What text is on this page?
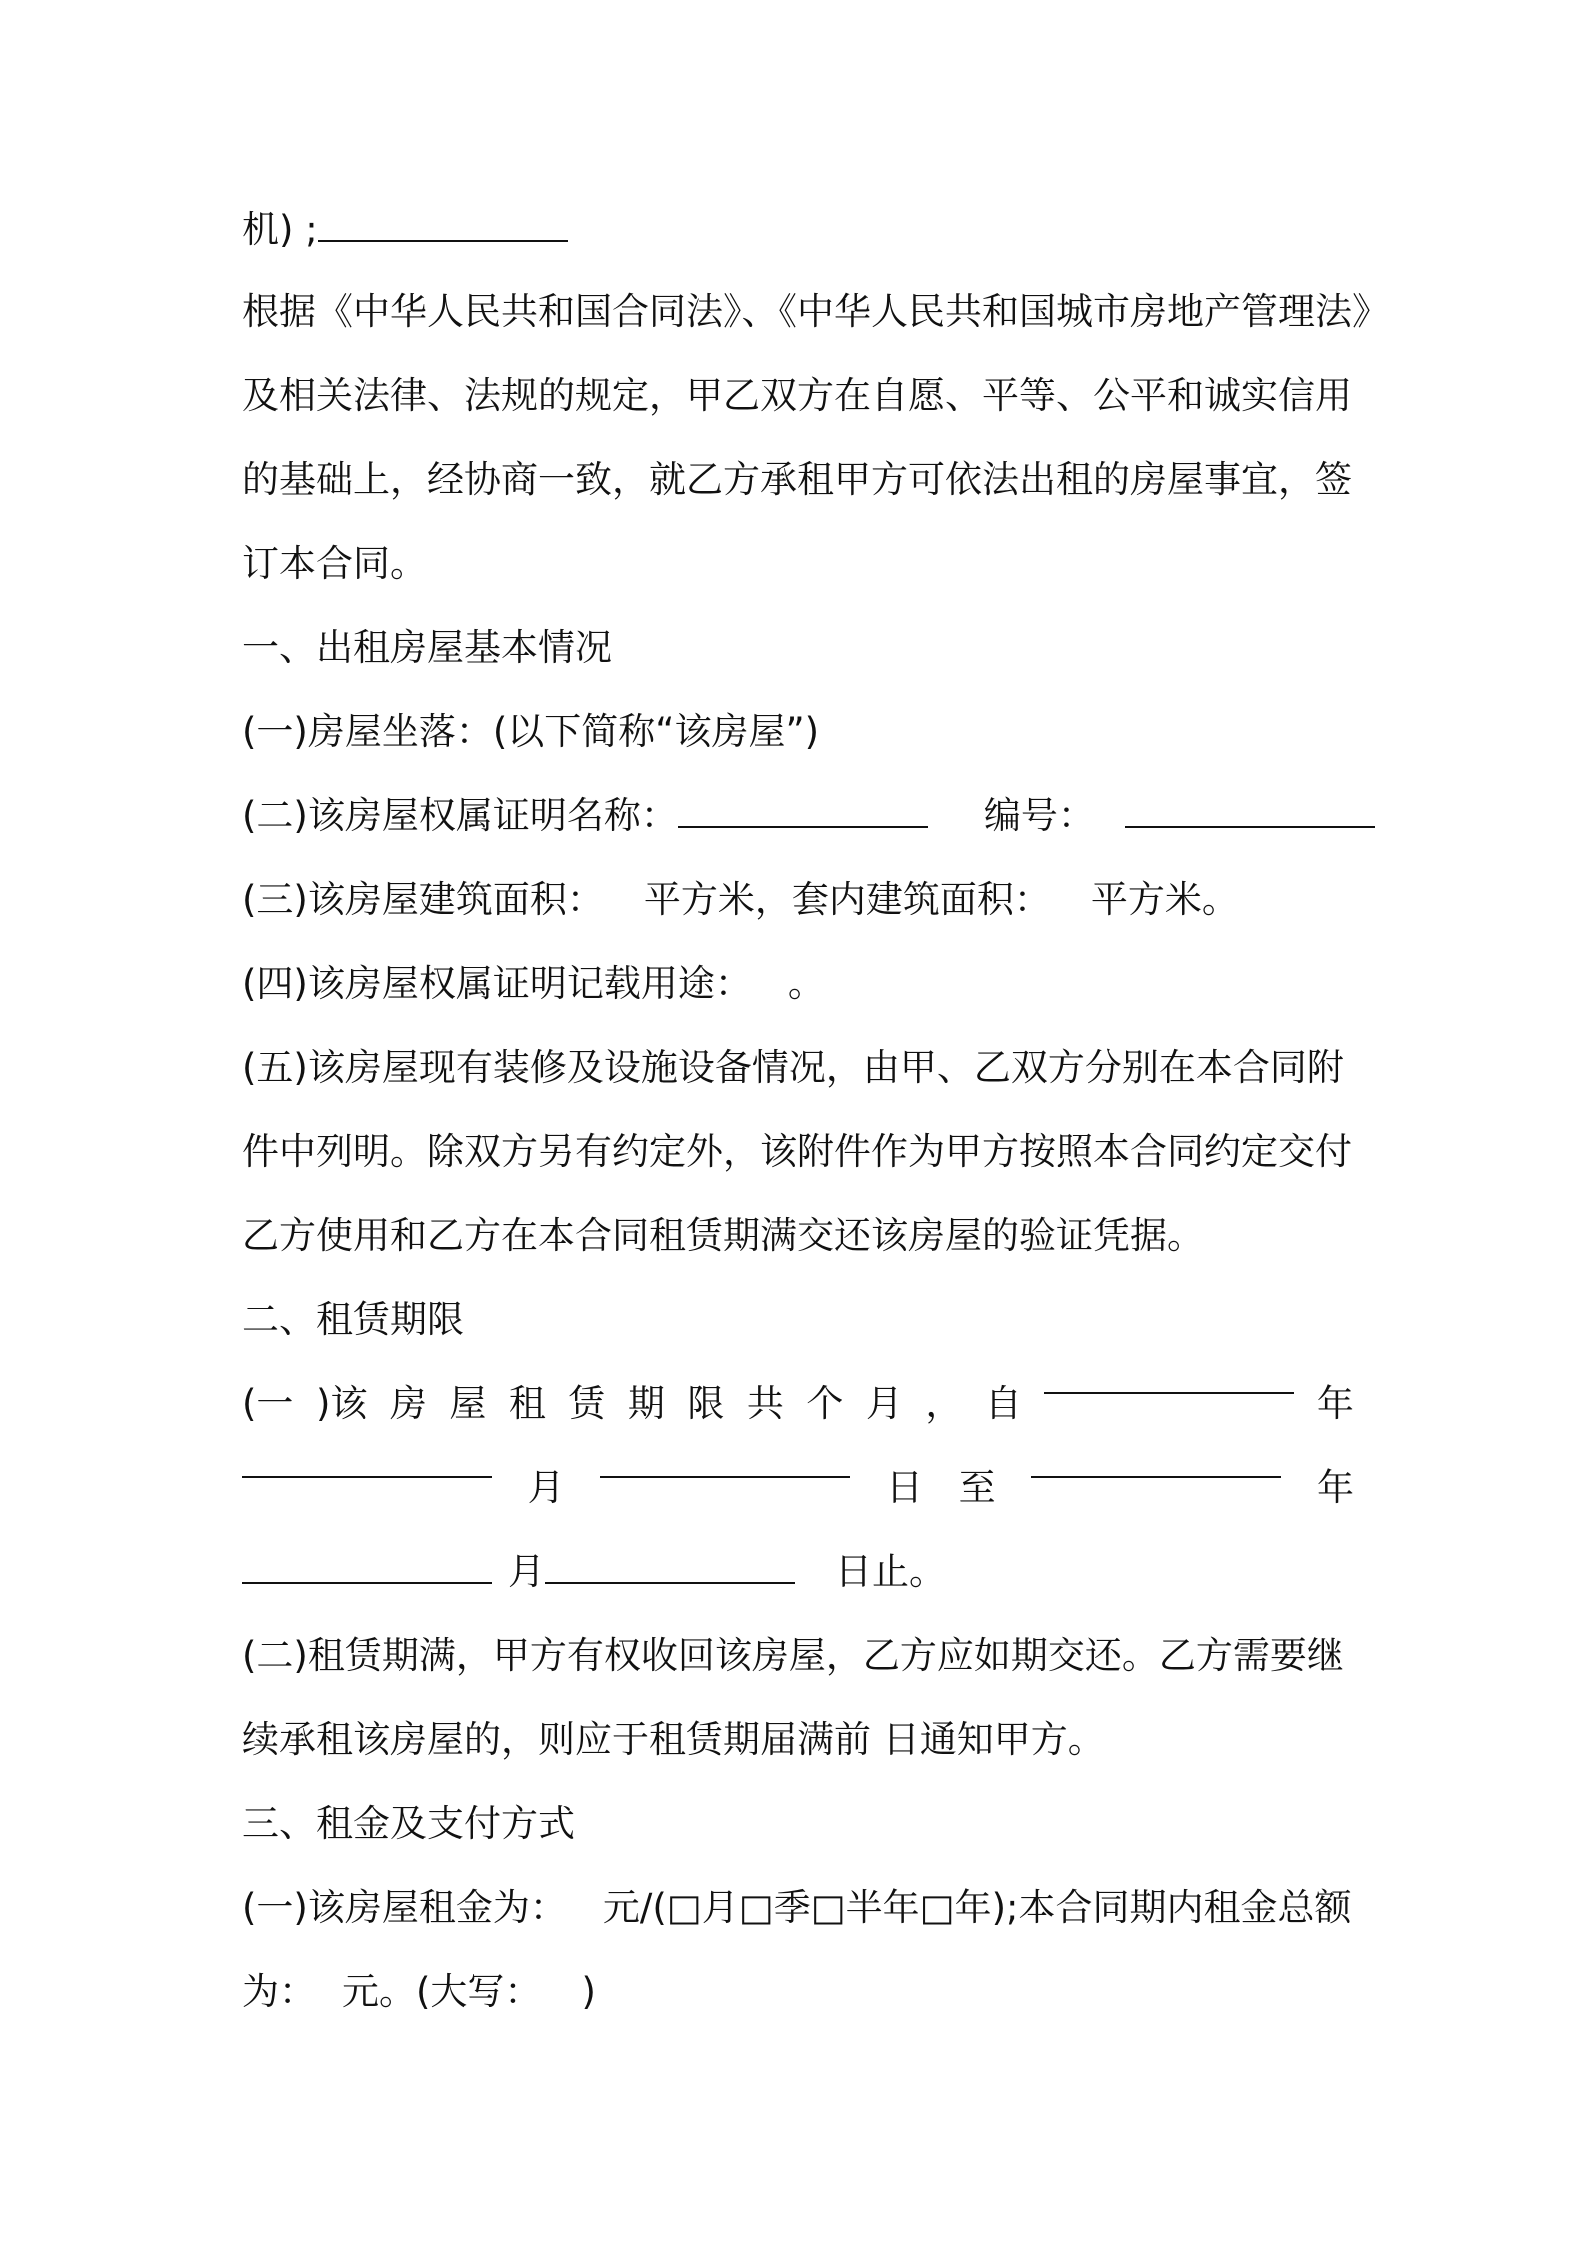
机) ;
根据《中华人民共和国合同法》、《中华人民共和国城市房地产管理法》
及相关法律、法规的规定，甲乙双方在自愿、平等、公平和诚实信用
的基础上，经协商一致，就乙方承租甲方可依法出租的房屋事宜，签
订本合同。
一、出租房屋基本情况
(一)房屋坐落：(以下简称“该房屋”)
(二)该房屋权属证明名称：	编号：
(三)该房屋建筑面积： 平方米，套内建筑面积： 平方米。
(四)该房屋权属证明记载用途： 。
(五)该房屋现有装修及设施设备情况，由甲、乙双方分别在本合同附
件中列明。除双方另有约定外，该附件作为甲方按照本合同约定交付
乙方使用和乙方在本合同租赁期满交还该房屋的验证凭据。
二、租赁期限
(一 )该 房 屋 租 赁 期 限 共 个 月 ， 自	年
月	日 至	年
月	日止。
(二)租赁期满，甲方有权收回该房屋，乙方应如期交还。乙方需要继
续承租该房屋的，则应于租赁期届满前 日通知甲方。
三、租金及支付方式
(一)该房屋租金为： 元/(□月□季□半年□年);本合同期内租金总额
为： 元。(大写： )
